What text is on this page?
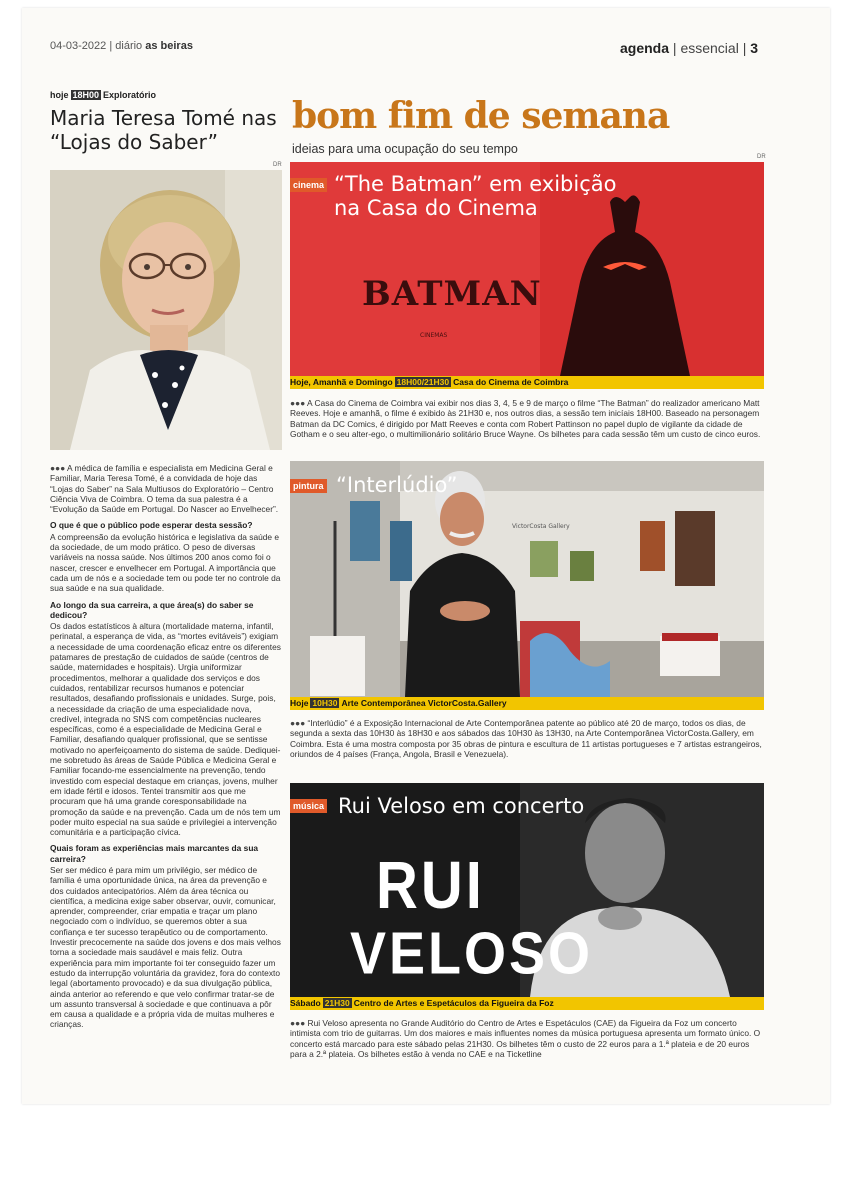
04-03-2022 | diário as beiras	agenda | essencial | 3
hoje 18H00 Exploratório
Maria Teresa Tomé nas “Lojas do Saber”
DR

●●● A médica de família e especialista em Medicina Geral e Familiar, Maria Teresa Tomé, é a convidada de hoje das “Lojas do Saber” na Sala Multiusos do Exploratório – Centro Ciência Viva de Coimbra. O tema da sua palestra é a “Evolução da Saúde em Portugal. Do Nascer ao Envelhecer”.

O que é que o público pode esperar desta sessão?

A compreensão da evolução histórica e legislativa da saúde e da sociedade, de um modo prático. O peso de diversas variáveis na nossa saúde. Nos últimos 200 anos como foi o nascer, crescer e envelhecer em Portugal. A importância que cada um de nós e a sociedade tem ou pode ter no controle da sua saúde e na sua qualidade.

Ao longo da sua carreira, a que área(s) do saber se dedicou?

Os dados estatísticos à altura (mortalidade materna, infantil, perinatal, a esperança de vida, as “mortes evitáveis”) exigiam a necessidade de uma coordenação eficaz entre os diferentes patamares de prestação de cuidados de saúde (centros de saúde, maternidades e hospitais). Urgia uniformizar procedimentos, melhorar a qualidade dos serviços e dos cuidados, rentabilizar recursos humanos e potenciar resultados, desafiando profissionais e unidades. Surge, pois, a necessidade da criação de uma especialidade nova, credível, integrada no SNS com competências nucleares específicas, como é a especialidade de Medicina Geral e Familiar, desafiando qualquer profissional, que se sentisse motivado no aperfeiçoamento do sistema de saúde. Dediquei-me sobretudo às áreas de Saúde Pública e Medicina Geral e Familiar focando-me essencialmente na prevenção, tendo investido com especial destaque em crianças, jovens, mulher em idade fértil e idosos. Tentei transmitir aos que me procuram que há uma grande coresponsabilidade na promoção da saúde e na prevenção. Cada um de nós tem um poder muito especial na sua saúde e privilegiei a intervenção comunitária e a participação cívica.

Quais foram as experiências mais marcantes da sua carreira?

Ser ser médico é para mim um privilégio, ser médico de família é uma oportunidade única, na área da prevenção e dos cuidados antecipatórios. Além da área técnica ou científica, a medicina exige saber observar, ouvir, comunicar, aprender, compreender, criar empatia e traçar um plano negociado com o indivíduo, se queremos obter a sua confiança e ter sucesso terapêutico ou de comportamento. Investir precocemente na saúde dos jovens e dos mais velhos torna a sociedade mais saudável e mais feliz. Outra experiência para mim importante foi ter conseguido fazer um estudo da interrupção voluntária da gravidez, fora do contexto legal (abortamento provocado) e da sua divulgação pública, ainda anterior ao referendo e que velo confirmar tratar-se de um assunto transversal à sociedade e que continuava a pôr em causa a qualidade e a própria vida de muitas mulheres e crianças.

bom fim de semana
ideias para uma ocupação do seu tempo
DR
cinema “The Batman” em exibição na Casa do Cinema
BATMAN
CINEMAS
Hoje, Amanhã e Domingo 18H00/21H30 Casa do Cinema de Coimbra
●●● A Casa do Cinema de Coimbra vai exibir nos dias 3, 4, 5 e 9 de março o filme “The Batman” do realizador americano Matt Reeves. Hoje e amanhã, o filme é exibido às 21H30 e, nos outros dias, a sessão tem inicíais 18H00. Baseado na personagem Batman da DC Comics, é dirigido por Matt Reeves e conta com Robert Pattinson no papel duplo de vigilante da cidade de Gotham e o seu alter-ego, o multimilionário solitário Bruce Wayne. Os bilhetes para cada sessão têm um custo de cinco euros.
pintura “Interlúdio”
VictorCosta Gallery
Hoje 10H30 Arte Contemporânea VictorCosta.Gallery
●●● “Interlúdio” é a Exposição Internacional de Arte Contemporânea patente ao público até 20 de março, todos os dias, de segunda a sexta das 10H30 às 18H30 e aos sábados das 10H30 às 13H30, na Arte Contemporânea VictorCosta.Gallery, em Coimbra. Esta é uma mostra composta por 35 obras de pintura e escultura de 11 artistas portugueses e 7 artistas estrangeiros, oriundos de 4 países (França, Angola, Brasil e Venezuela).
música Rui Veloso em concerto
RUI
VELOSO
Sábado 21H30 Centro de Artes e Espetáculos da Figueira da Foz
●●● Rui Veloso apresenta no Grande Auditório do Centro de Artes e Espetáculos (CAE) da Figueira da Foz um concerto intimista com trio de guitarras. Um dos maiores e mais influentes nomes da música portuguesa apresenta um formato único. O concerto está marcado para este sábado pelas 21H30. Os bilhetes têm o custo de 22 euros para a 1.ª plateia e de 20 euros para a 2.ª plateia. Os bilhetes estão à venda no CAE e na Ticketline
